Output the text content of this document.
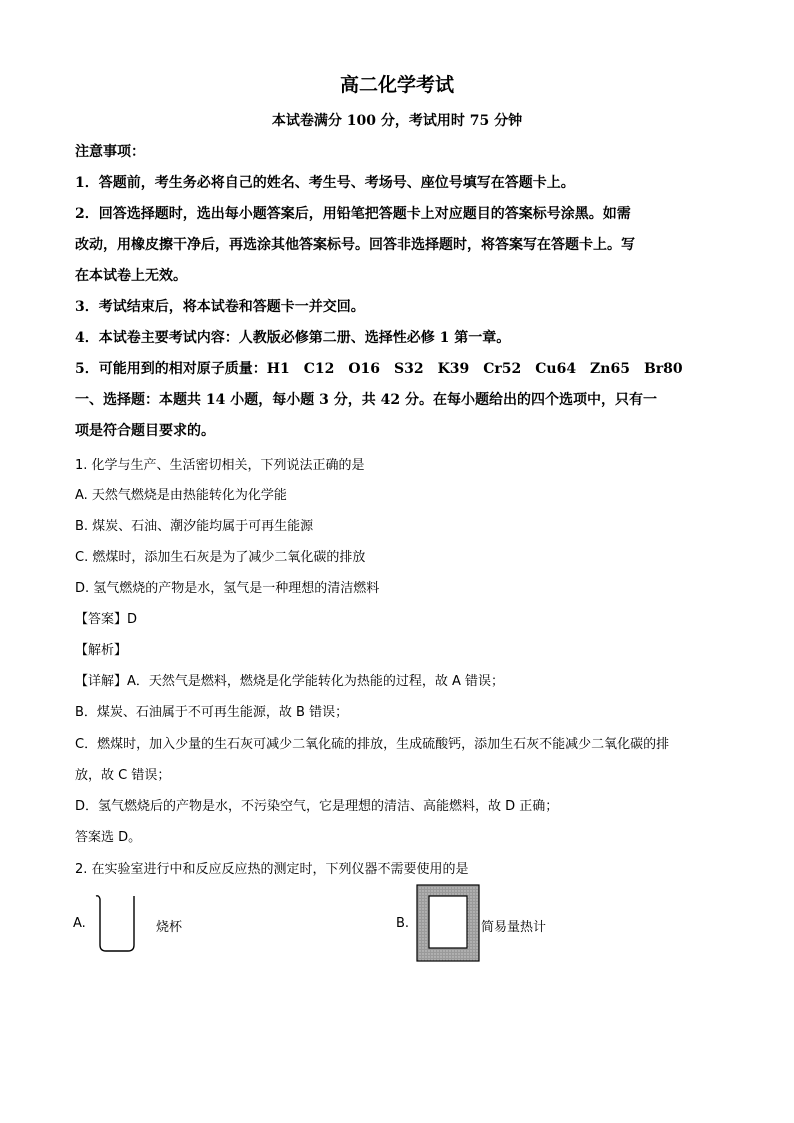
高二化学考试
本试卷满分 100 分，考试用时 75 分钟
注意事项：
1．答题前，考生务必将自己的姓名、考生号、考场号、座位号填写在答题卡上。
2．回答选择题时，选出每小题答案后，用铅笔把答题卡上对应题目的答案标号涂黑。如需
改动，用橡皮擦干净后，再选涂其他答案标号。回答非选择题时，将答案写在答题卡上。写
在本试卷上无效。
3．考试结束后，将本试卷和答题卡一并交回。
4．本试卷主要考试内容：人教版必修第二册、选择性必修 1 第一章。
5．可能用到的相对原子质量：H1　C12　O16　S32　K39　Cr52　Cu64　Zn65　Br80
一、选择题：本题共 14 小题，每小题 3 分，共 42 分。在每小题给出的四个选项中，只有一
项是符合题目要求的。
1. 化学与生产、生活密切相关，下列说法正确的是
A. 天然气燃烧是由热能转化为化学能
B. 煤炭、石油、潮汐能均属于可再生能源
C. 燃煤时，添加生石灰是为了减少二氧化碳的排放
D. 氢气燃烧的产物是水，氢气是一种理想的清洁燃料
【答案】D
【解析】
【详解】A．天然气是燃料，燃烧是化学能转化为热能的过程，故 A 错误；
B．煤炭、石油属于不可再生能源，故 B 错误；
C．燃煤时，加入少量的生石灰可减少二氧化硫的排放，生成硫酸钙，添加生石灰不能减少二氧化碳的排
放，故 C 错误；
D．氢气燃烧后的产物是水，不污染空气，它是理想的清洁、高能燃料，故 D 正确；
答案选 D。
2. 在实验室进行中和反应反应热的测定时，下列仪器不需要使用的是
A.	烧杯	B.	简易量热计
